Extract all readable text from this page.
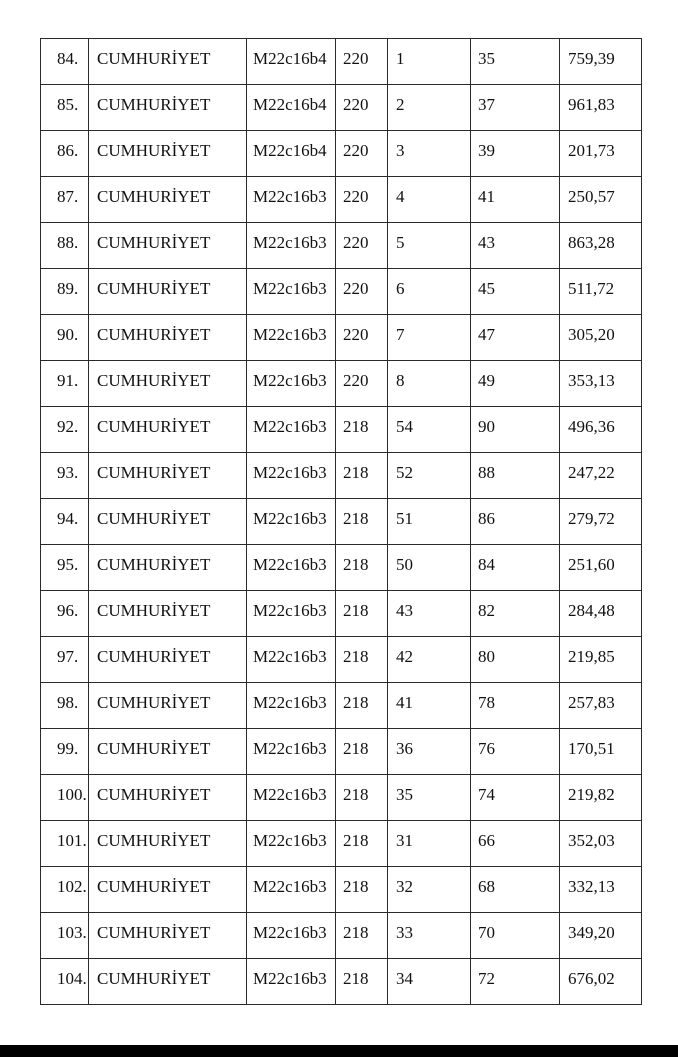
84.	CUMHURİYET	M22c16b4	220	1	35	759,39
85.	CUMHURİYET	M22c16b4	220	2	37	961,83
86.	CUMHURİYET	M22c16b4	220	3	39	201,73
87.	CUMHURİYET	M22c16b3	220	4	41	250,57
88.	CUMHURİYET	M22c16b3	220	5	43	863,28
89.	CUMHURİYET	M22c16b3	220	6	45	511,72
90.	CUMHURİYET	M22c16b3	220	7	47	305,20
91.	CUMHURİYET	M22c16b3	220	8	49	353,13
92.	CUMHURİYET	M22c16b3	218	54	90	496,36
93.	CUMHURİYET	M22c16b3	218	52	88	247,22
94.	CUMHURİYET	M22c16b3	218	51	86	279,72
95.	CUMHURİYET	M22c16b3	218	50	84	251,60
96.	CUMHURİYET	M22c16b3	218	43	82	284,48
97.	CUMHURİYET	M22c16b3	218	42	80	219,85
98.	CUMHURİYET	M22c16b3	218	41	78	257,83
99.	CUMHURİYET	M22c16b3	218	36	76	170,51
100.	CUMHURİYET	M22c16b3	218	35	74	219,82
101.	CUMHURİYET	M22c16b3	218	31	66	352,03
102.	CUMHURİYET	M22c16b3	218	32	68	332,13
103.	CUMHURİYET	M22c16b3	218	33	70	349,20
104.	CUMHURİYET	M22c16b3	218	34	72	676,02
